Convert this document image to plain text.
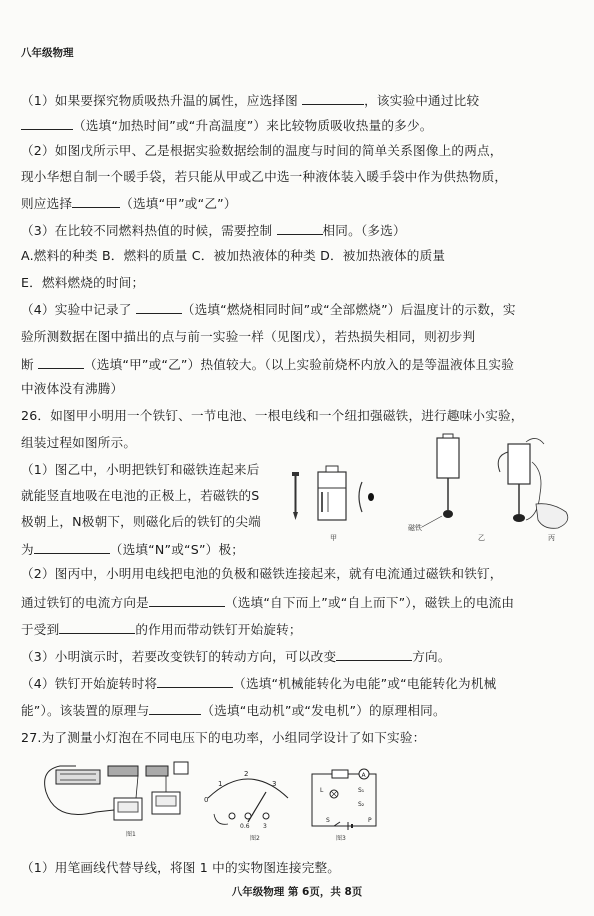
八年级物理
（1）如果要探究物质吸热升温的属性，应选择图	，该实验中通过比较
（选填“加热时间”或“升高温度”）来比较物质吸收热量的多少。
（2）如图戊所示甲、乙是根据实验数据绘制的温度与时间的简单关系图像上的两点，
现小华想自制一个暖手袋，若只能从甲或乙中选一种液体装入暖手袋中作为供热物质，
则应选择	（选填“甲”或“乙”）
（3）在比较不同燃料热值的时候，需要控制	相同。（多选）
A.燃料的种类 B．燃料的质量 C．被加热液体的种类 D．被加热液体的质量
E．燃料燃烧的时间；
（4）实验中记录了	（选填“燃烧相同时间”或“全部燃烧”）后温度计的示数，实
验所测数据在图中描出的点与前一实验一样（见图戊），若热损失相同，则初步判
断	（选填“甲”或“乙”）热值较大。（以上实验前烧杯内放入的是等温液体且实验
中液体没有沸腾）
26．如图甲小明用一个铁钉、一节电池、一根电线和一个纽扣强磁铁，进行趣味小实验，
组装过程如图所示。
（1）图乙中，小明把铁钉和磁铁连起来后
就能竖直地吸在电池的正极上，若磁铁的S
极朝上，N极朝下，则磁化后的铁钉的尖端
为	（选填“N”或“S”）极；
（2）图丙中，小明用电线把电池的负极和磁铁连接起来，就有电流通过磁铁和铁钉，
通过铁钉的电流方向是	（选填“自下而上”或“自上而下”），磁铁上的电流由
于受到	的作用而带动铁钉开始旋转；
（3）小明演示时，若要改变铁钉的转动方向，可以改变	方向。
（4）铁钉开始旋转时将	（选填“机械能转化为电能”或“电能转化为机械
能”）。该装置的原理与	（选填“电动机”或“发电机”）的原理相同。
27.为了测量小灯泡在不同电压下的电功率，小组同学设计了如下实验：
（1）用笔画线代替导线，将图 1 中的实物图连接完整。
甲
磁铁
乙	丙
图1
1
2
3
0
0.6 3
图2
A
L	S₁
S₂
S	P
图3
八年级物理 第 6页，共 8页
